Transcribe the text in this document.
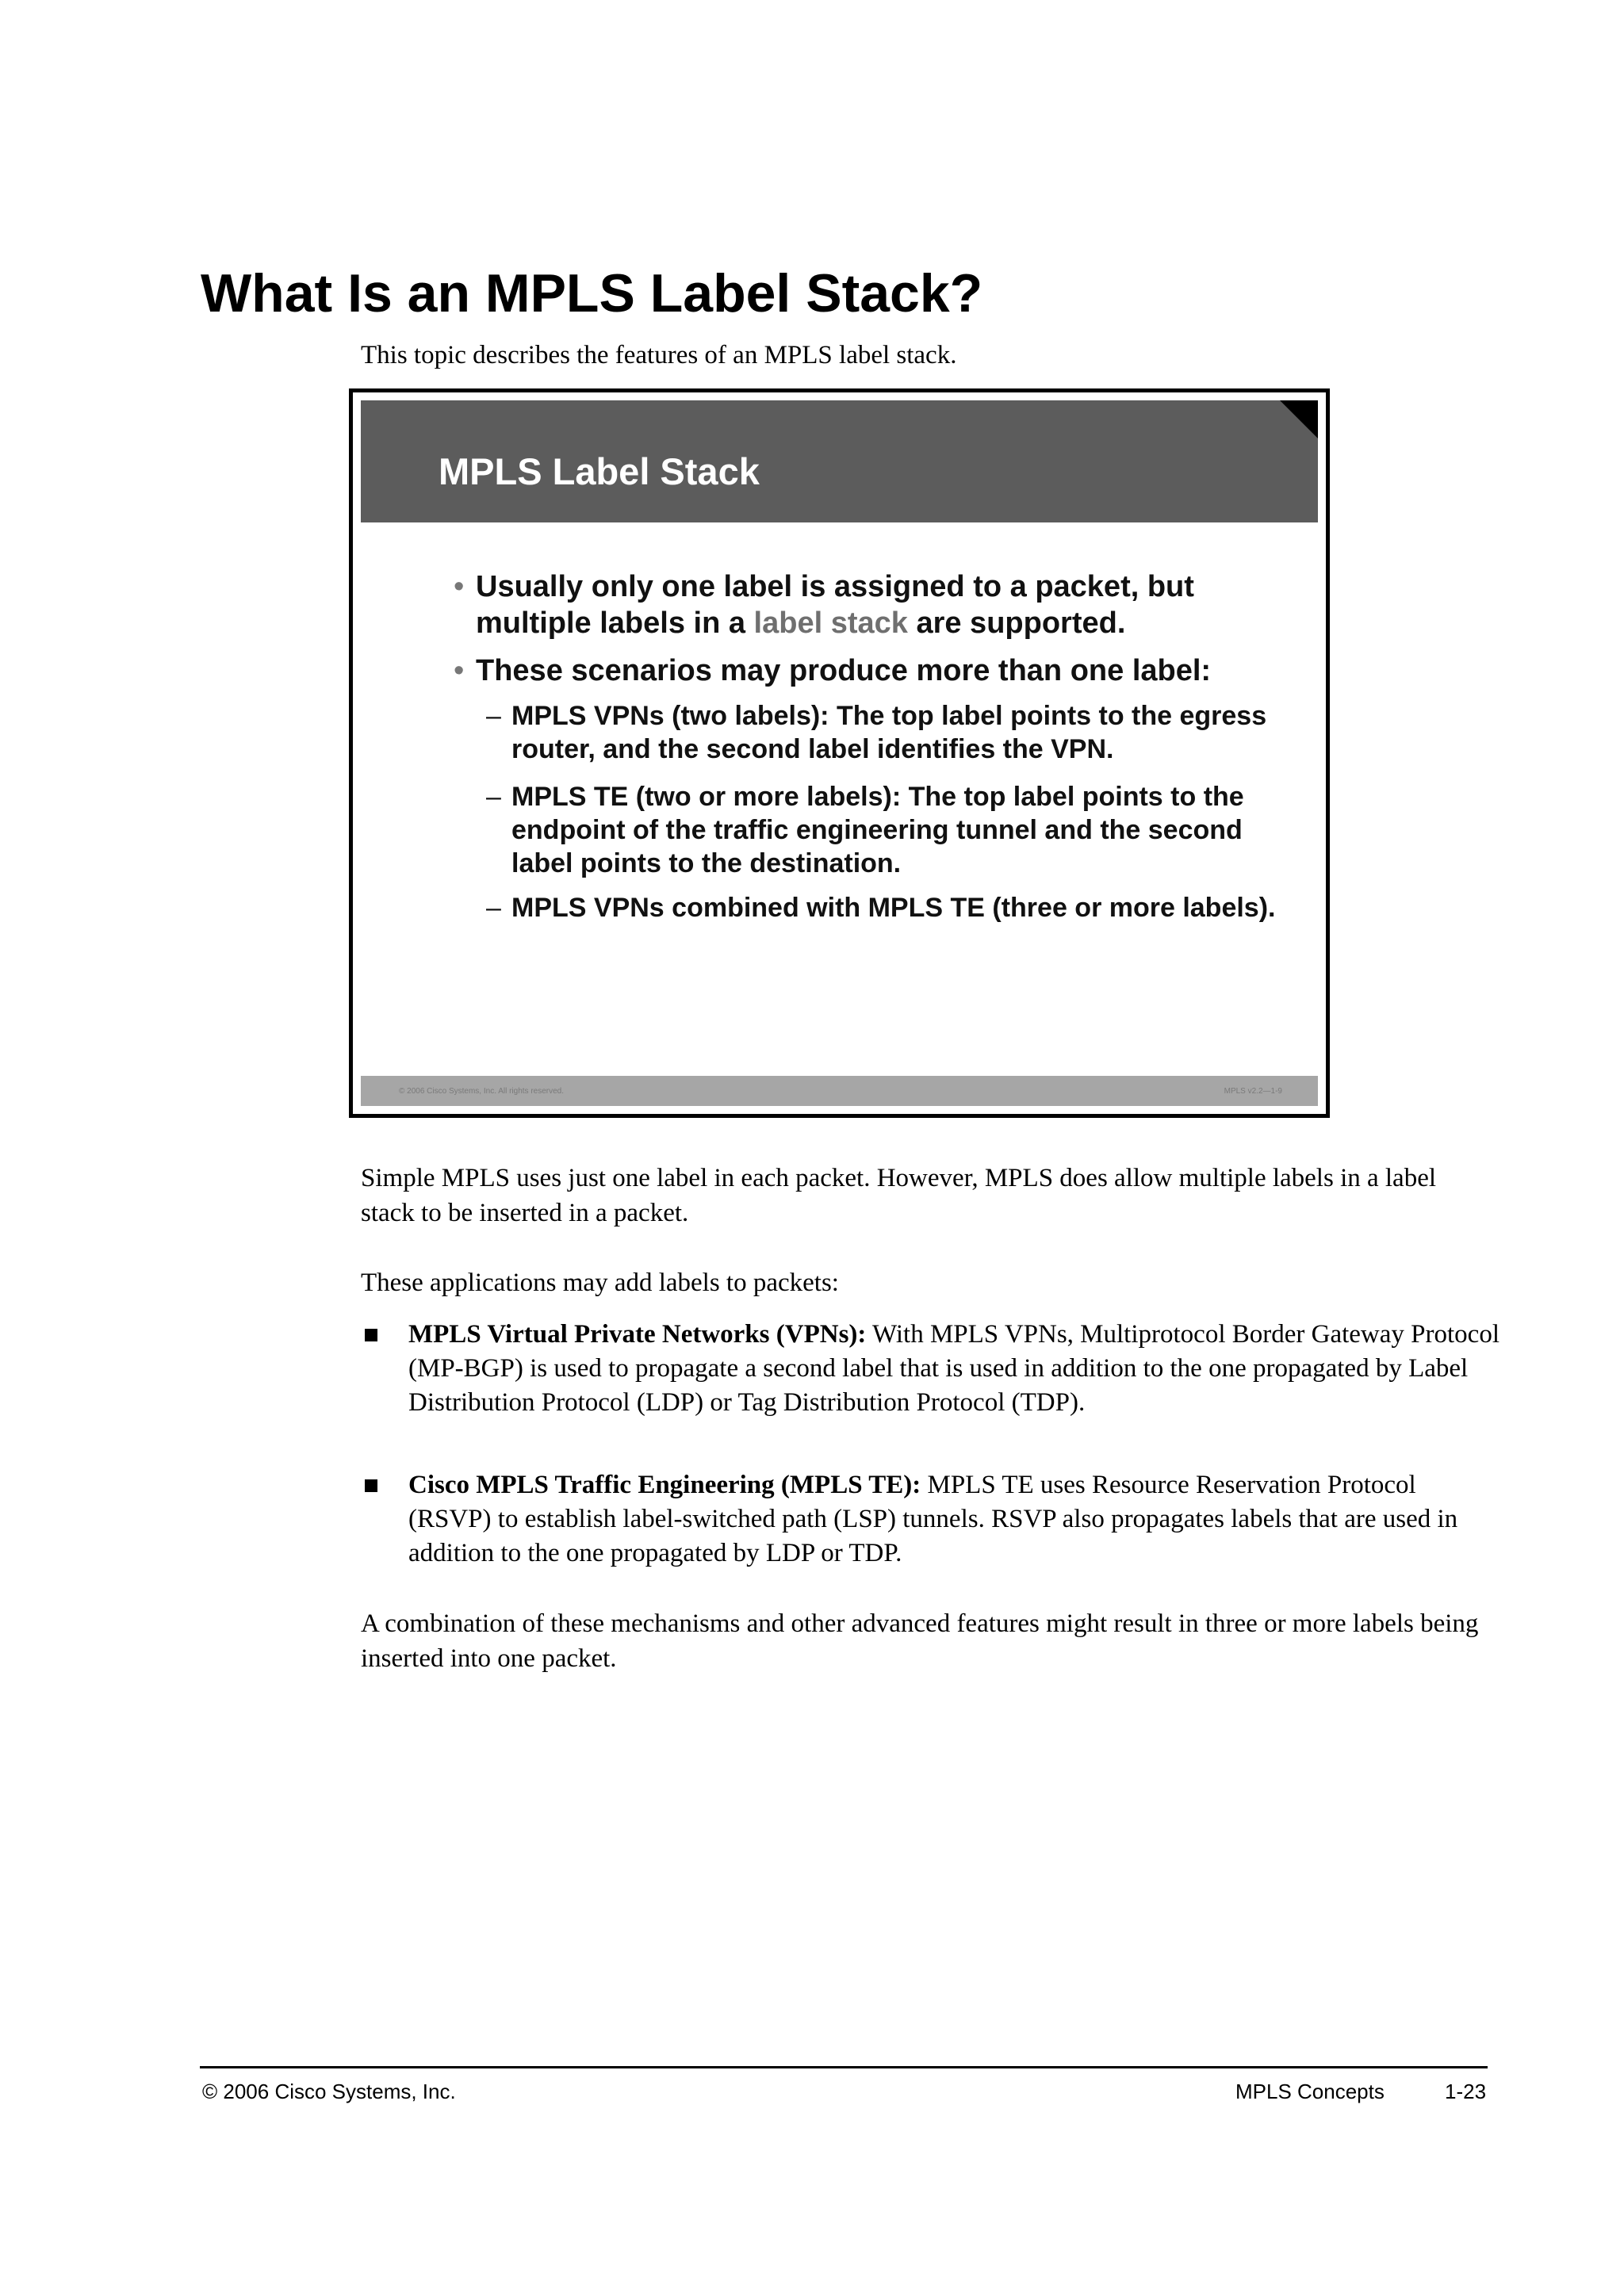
What Is an MPLS Label Stack?

This topic describes the features of an MPLS label stack.

MPLS Label Stack
• Usually only one label is assigned to a packet, but multiple labels in a label stack are supported.
• These scenarios may produce more than one label:
– MPLS VPNs (two labels): The top label points to the egress router, and the second label identifies the VPN.
– MPLS TE (two or more labels): The top label points to the endpoint of the traffic engineering tunnel and the second label points to the destination.
– MPLS VPNs combined with MPLS TE (three or more labels).
© 2006 Cisco Systems, Inc. All rights reserved.	MPLS v2.2—1-9

Simple MPLS uses just one label in each packet. However, MPLS does allow multiple labels in a label stack to be inserted in a packet.

These applications may add labels to packets:

MPLS Virtual Private Networks (VPNs): With MPLS VPNs, Multiprotocol Border Gateway Protocol (MP-BGP) is used to propagate a second label that is used in addition to the one propagated by Label Distribution Protocol (LDP) or Tag Distribution Protocol (TDP).
Cisco MPLS Traffic Engineering (MPLS TE): MPLS TE uses Resource Reservation Protocol (RSVP) to establish label-switched path (LSP) tunnels. RSVP also propagates labels that are used in addition to the one propagated by LDP or TDP.

A combination of these mechanisms and other advanced features might result in three or more labels being inserted into one packet.

© 2006 Cisco Systems, Inc.	MPLS Concepts	1-23
